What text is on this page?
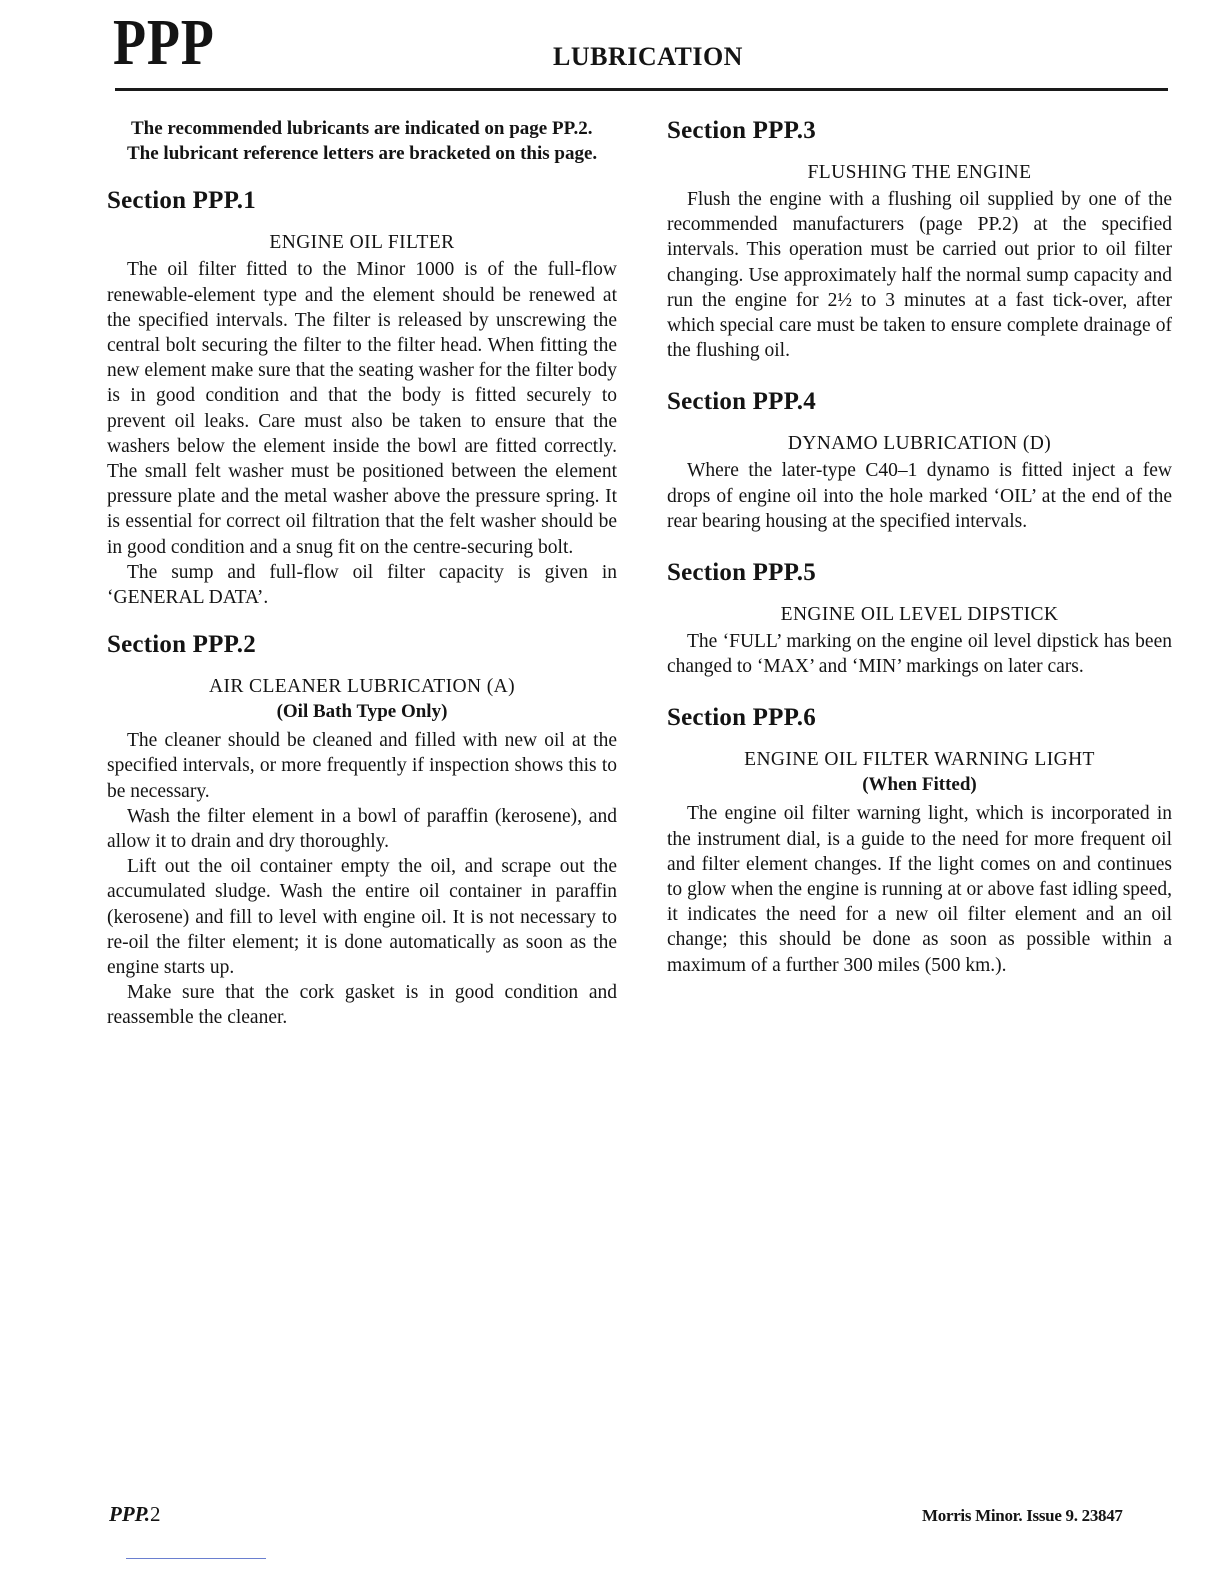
PPP	LUBRICATION

The recommended lubricants are indicated on page PP.2.

The lubricant reference letters are bracketed on this page.

Section PPP.1
ENGINE OIL FILTER

The oil filter fitted to the Minor 1000 is of the full-flow renewable-element type and the element should be renewed at the specified intervals. The filter is released by unscrewing the central bolt securing the filter to the filter head. When fitting the new element make sure that the seating washer for the filter body is in good condition and that the body is fitted securely to prevent oil leaks. Care must also be taken to ensure that the washers below the element inside the bowl are fitted correctly. The small felt washer must be positioned between the element pressure plate and the metal washer above the pressure spring. It is essential for correct oil filtration that the felt washer should be in good condition and a snug fit on the centre-securing bolt.

The sump and full-flow oil filter capacity is given in ‘GENERAL DATA’.

Section PPP.2
AIR CLEANER LUBRICATION (A)
(Oil Bath Type Only)

The cleaner should be cleaned and filled with new oil at the specified intervals, or more frequently if inspection shows this to be necessary.

Wash the filter element in a bowl of paraffin (kerosene), and allow it to drain and dry thoroughly.

Lift out the oil container empty the oil, and scrape out the accumulated sludge. Wash the entire oil container in paraffin (kerosene) and fill to level with engine oil. It is not necessary to re-oil the filter element; it is done automatically as soon as the engine starts up.

Make sure that the cork gasket is in good condition and reassemble the cleaner.

Section PPP.3
FLUSHING THE ENGINE

Flush the engine with a flushing oil supplied by one of the recommended manufacturers (page PP.2) at the specified intervals. This operation must be carried out prior to oil filter changing. Use approximately half the normal sump capacity and run the engine for 2½ to 3 minutes at a fast tick-over, after which special care must be taken to ensure complete drainage of the flushing oil.

Section PPP.4
DYNAMO LUBRICATION (D)

Where the later-type C40–1 dynamo is fitted inject a few drops of engine oil into the hole marked ‘OIL’ at the end of the rear bearing housing at the specified intervals.

Section PPP.5
ENGINE OIL LEVEL DIPSTICK

The ‘FULL’ marking on the engine oil level dipstick has been changed to ‘MAX’ and ‘MIN’ markings on later cars.

Section PPP.6
ENGINE OIL FILTER WARNING LIGHT
(When Fitted)

The engine oil filter warning light, which is incorporated in the instrument dial, is a guide to the need for more frequent oil and filter element changes. If the light comes on and continues to glow when the engine is running at or above fast idling speed, it indicates the need for a new oil filter element and an oil change; this should be done as soon as possible within a maximum of a further 300 miles (500 km.).

PPP.2	Morris Minor. Issue 9. 23847
